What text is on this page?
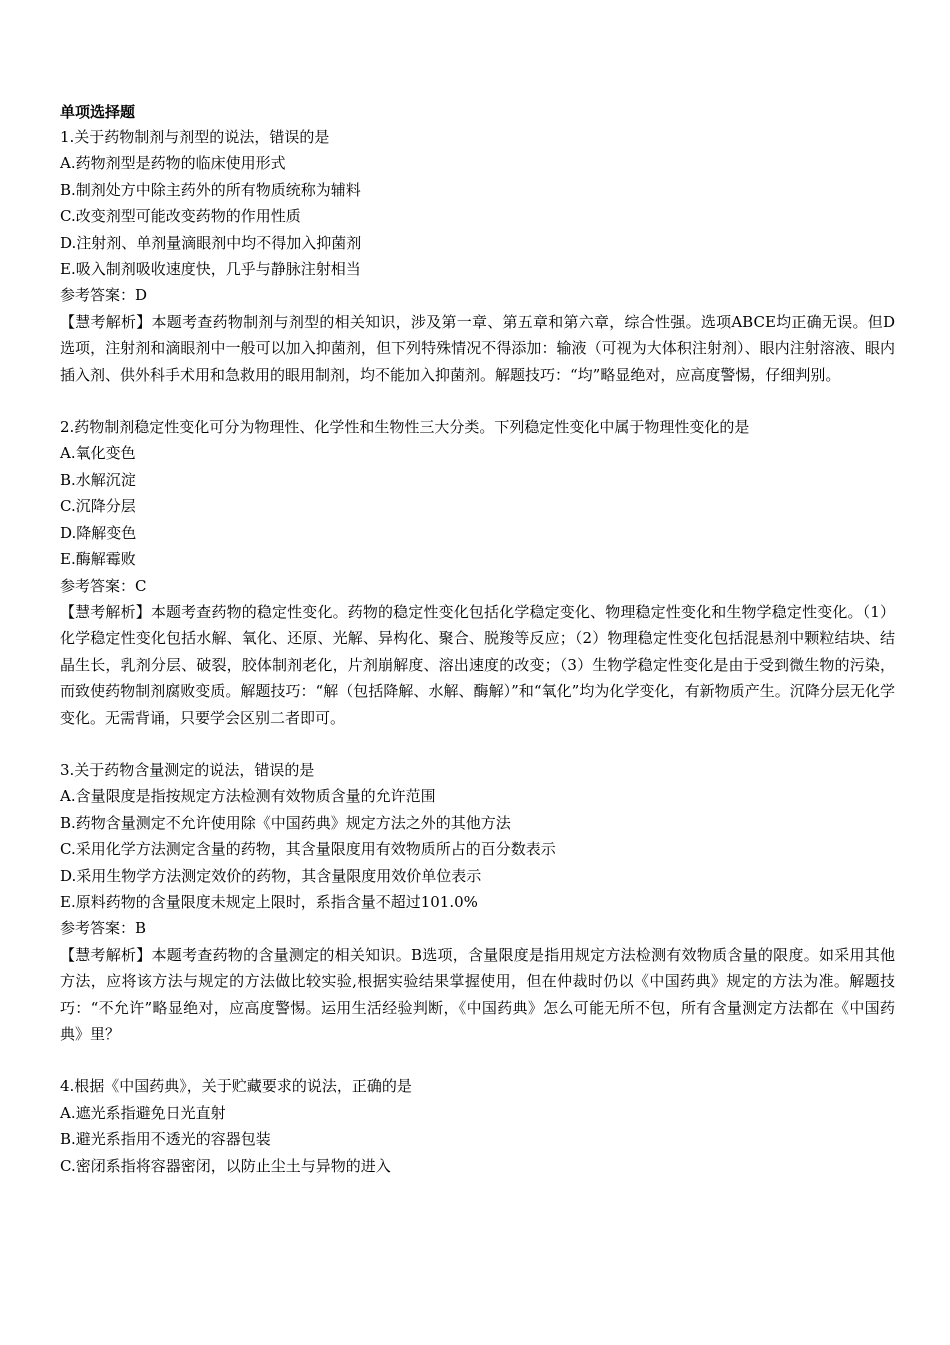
单项选择题
1.关于药物制剂与剂型的说法，错误的是
A.药物剂型是药物的临床使用形式
B.制剂处方中除主药外的所有物质统称为辅料
C.改变剂型可能改变药物的作用性质
D.注射剂、单剂量滴眼剂中均不得加入抑菌剂
E.吸入制剂吸收速度快，几乎与静脉注射相当
参考答案：D
【慧考解析】本题考查药物制剂与剂型的相关知识，涉及第一章、第五章和第六章，综合性强。选项ABCE均正确无误。但D选项，注射剂和滴眼剂中一般可以加入抑菌剂，但下列特殊情况不得添加：输液（可视为大体积注射剂）、眼内注射溶液、眼内插入剂、供外科手术用和急救用的眼用制剂，均不能加入抑菌剂。解题技巧：“均”略显绝对，应高度警惕，仔细判别。
2.药物制剂稳定性变化可分为物理性、化学性和生物性三大分类。下列稳定性变化中属于物理性变化的是
A.氧化变色
B.水解沉淀
C.沉降分层
D.降解变色
E.酶解霉败
参考答案：C
【慧考解析】本题考查药物的稳定性变化。药物的稳定性变化包括化学稳定变化、物理稳定性变化和生物学稳定性变化。（1）化学稳定性变化包括水解、氧化、还原、光解、异构化、聚合、脱羧等反应；（2）物理稳定性变化包括混悬剂中颗粒结块、结晶生长，乳剂分层、破裂，胶体制剂老化，片剂崩解度、溶出速度的改变；（3）生物学稳定性变化是由于受到微生物的污染，而致使药物制剂腐败变质。解题技巧：“解（包括降解、水解、酶解）”和“氧化”均为化学变化，有新物质产生。沉降分层无化学变化。无需背诵，只要学会区别二者即可。
3.关于药物含量测定的说法，错误的是
A.含量限度是指按规定方法检测有效物质含量的允许范围
B.药物含量测定不允许使用除《中国药典》规定方法之外的其他方法
C.采用化学方法测定含量的药物，其含量限度用有效物质所占的百分数表示
D.采用生物学方法测定效价的药物，其含量限度用效价单位表示
E.原料药物的含量限度未规定上限时，系指含量不超过101.0%
参考答案：B
【慧考解析】本题考查药物的含量测定的相关知识。B选项，含量限度是指用规定方法检测有效物质含量的限度。如采用其他方法，应将该方法与规定的方法做比较实验,根据实验结果掌握使用，但在仲裁时仍以《中国药典》规定的方法为准。解题技巧：“不允许”略显绝对，应高度警惕。运用生活经验判断，《中国药典》怎么可能无所不包，所有含量测定方法都在《中国药典》里？
4.根据《中国药典》，关于贮藏要求的说法，正确的是
A.遮光系指避免日光直射
B.避光系指用不透光的容器包装
C.密闭系指将容器密闭，以防止尘土与异物的进入
